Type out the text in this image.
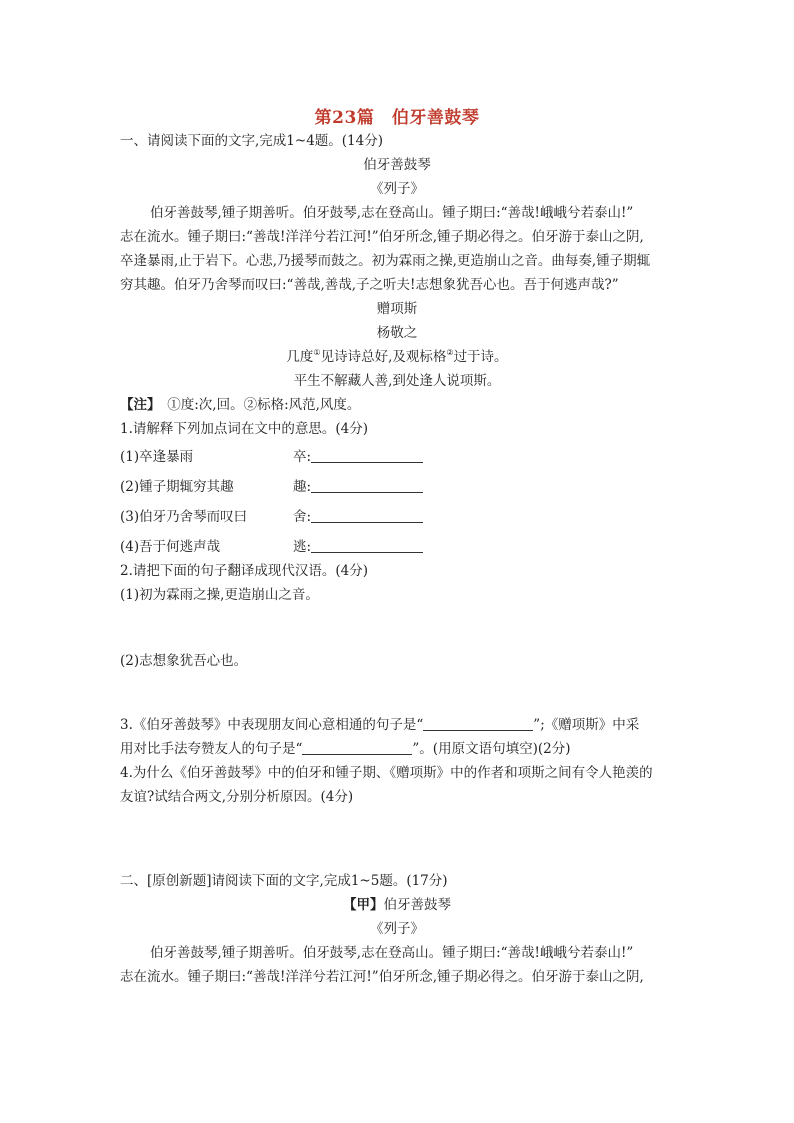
第23篇　伯牙善鼓琴
一、请阅读下面的文字,完成1~4题。(14分)
伯牙善鼓琴
《列子》
伯牙善鼓琴,锺子期善听。伯牙鼓琴,志在登高山。锺子期曰:“善哉!峨峨兮若泰山!”
志在流水。锺子期曰:“善哉!洋洋兮若江河!”伯牙所念,锺子期必得之。伯牙游于泰山之阴,
卒逢暴雨,止于岩下。心悲,乃援琴而鼓之。初为霖雨之操,更造崩山之音。曲每奏,锺子期辄
穷其趣。伯牙乃舍琴而叹曰:“善哉,善哉,子之听夫!志想象犹吾心也。吾于何逃声哉?”
赠项斯
杨敬之
几度①见诗诗总好,及观标格②过于诗。
平生不解藏人善,到处逢人说项斯。
【注】　①度:次,回。②标格:风范,风度。
1.请解释下列加点词在文中的意思。(4分)
(1)卒逢暴雨	卒:
(2)锺子期辄穷其趣	趣:
(3)伯牙乃舍琴而叹曰	舍:
(4)吾于何逃声哉	逃:
2.请把下面的句子翻译成现代汉语。(4分)
(1)初为霖雨之操,更造崩山之音。
(2)志想象犹吾心也。
3.《伯牙善鼓琴》中表现朋友间心意相通的句子是“	”;《赠项斯》中采
用对比手法夸赞友人的句子是“	”。(用原文语句填空)(2分)
4.为什么《伯牙善鼓琴》中的伯牙和锺子期、《赠项斯》中的作者和项斯之间有令人艳羡的
友谊?试结合两文,分别分析原因。(4分)
二、[原创新题]请阅读下面的文字,完成1~5题。(17分)
【甲】伯牙善鼓琴
《列子》
伯牙善鼓琴,锺子期善听。伯牙鼓琴,志在登高山。锺子期曰:“善哉!峨峨兮若泰山!”
志在流水。锺子期曰:“善哉!洋洋兮若江河!”伯牙所念,锺子期必得之。伯牙游于泰山之阴,
